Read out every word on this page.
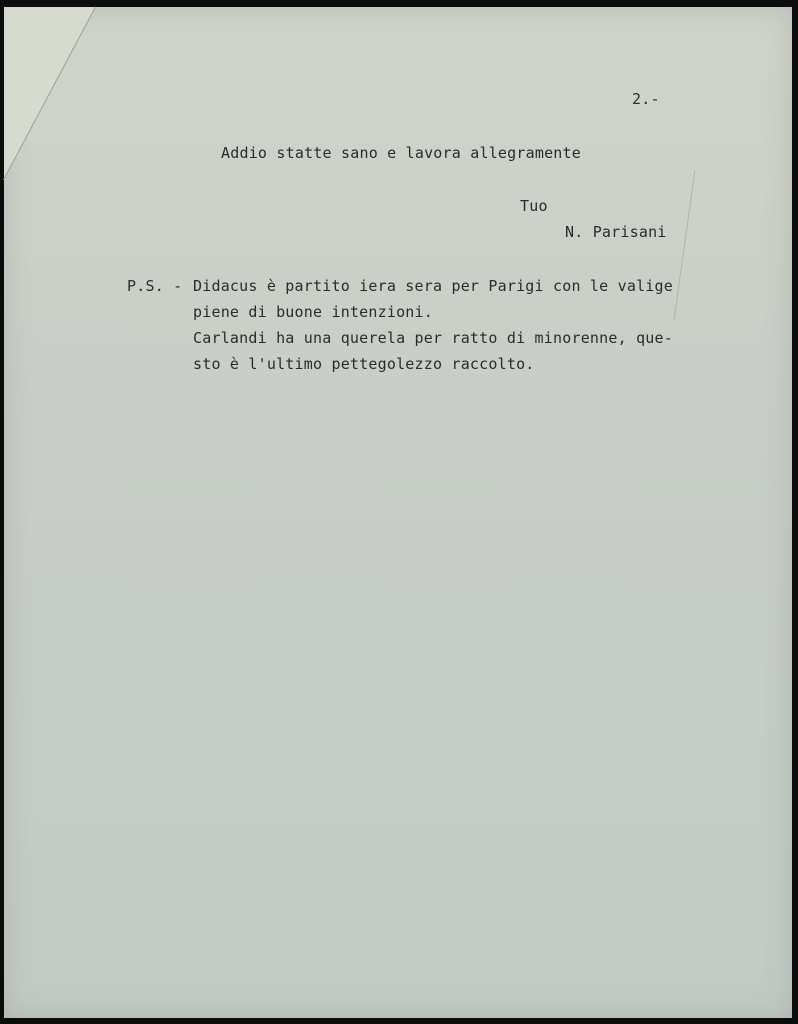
2.-
Addio statte sano e lavora allegramente
Tuo
N. Parisani
P.S. - Didacus è partito iera sera per Parigi con le valige
piene di buone intenzioni.
Carlandi ha una querela per ratto di minorenne, que-
sto è l'ultimo pettegolezzo raccolto.
